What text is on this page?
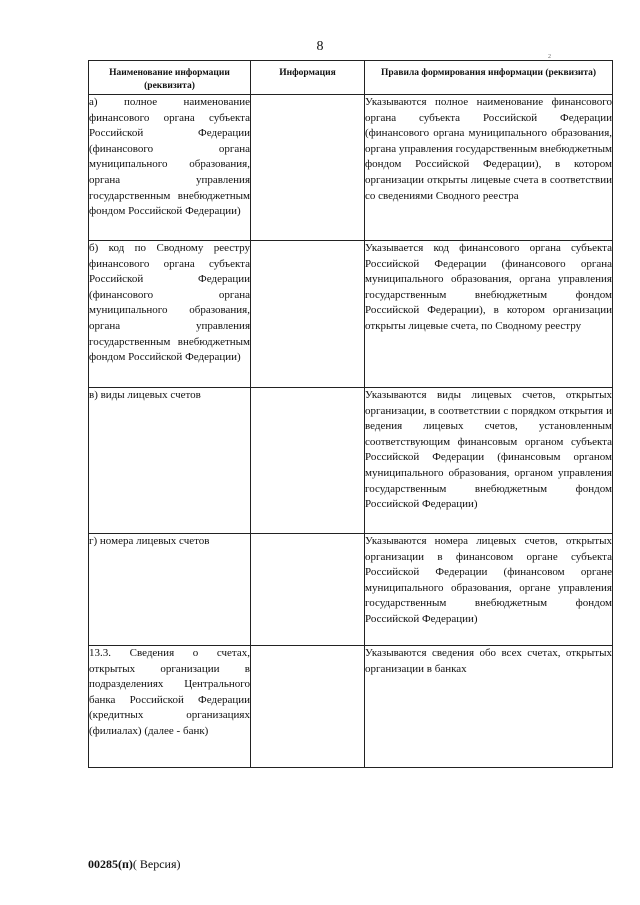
8
2
Наименование информации (реквизита)	Информация	Правила формирования информации (реквизита)
а) полное наименование финансового органа субъекта Российской Федерации (финансового органа муниципального образования, органа управления государственным внебюджетным фондом Российской Федерации)		Указываются полное наименование финансового органа субъекта Российской Федерации (финансового органа муниципального образования, органа управления государственным внебюджетным фондом Российской Федерации), в котором организации открыты лицевые счета в соответствии со сведениями Сводного реестра
б) код по Сводному реестру финансового органа субъекта Российской Федерации (финансового органа муниципального образования, органа управления государственным внебюджетным фондом Российской Федерации)		Указывается код финансового органа субъекта Российской Федерации (финансового органа муниципального образования, органа управления государственным внебюджетным фондом Российской Федерации), в котором организации открыты лицевые счета, по Сводному реестру
в) виды лицевых счетов		Указываются виды лицевых счетов, открытых организации, в соответствии с порядком открытия и ведения лицевых счетов, установленным соответствующим финансовым органом субъекта Российской Федерации (финансовым органом муниципального образования, органом управления государственным внебюджетным фондом Российской Федерации)
г) номера лицевых счетов		Указываются номера лицевых счетов, открытых организации в финансовом органе субъекта Российской Федерации (финансовом органе муниципального образования, органе управления государственным внебюджетным фондом Российской Федерации)
13.3. Сведения о счетах, открытых организации в подразделениях Центрального банка Российской Федерации (кредитных организациях (филиалах) (далее - банк)		Указываются сведения обо всех счетах, открытых организации в банках
00285(п)( Версия)
